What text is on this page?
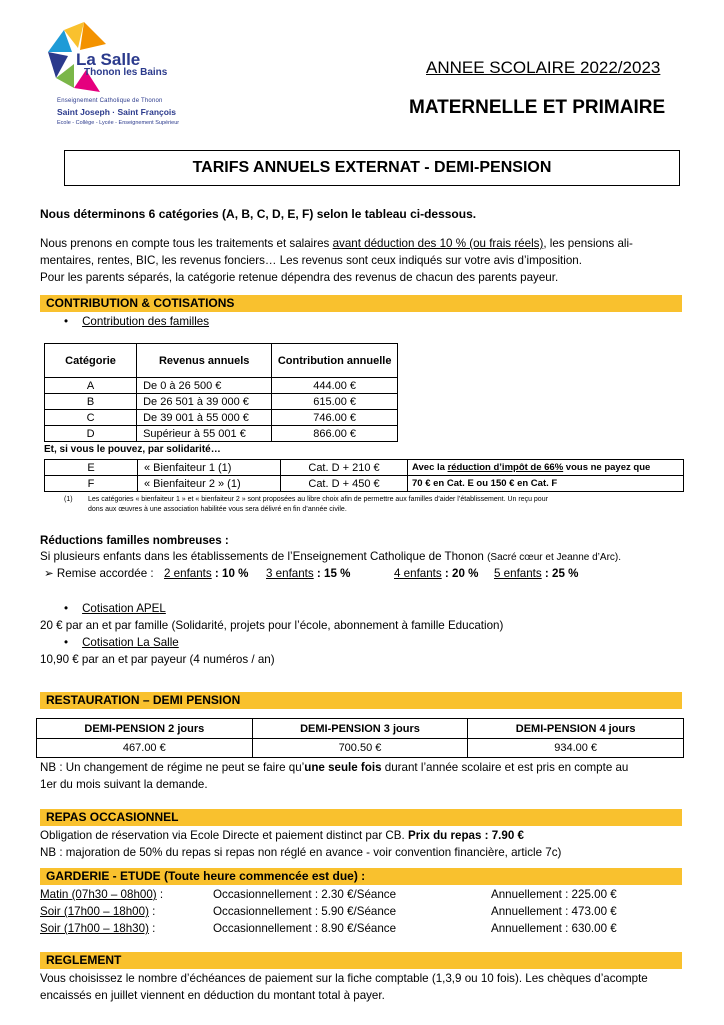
La Salle
Thonon les Bains
Enseignement Catholique de Thonon
Saint Joseph · Saint François
Ecole - Collège - Lycée - Enseignement Supérieur
ANNEE SCOLAIRE 2022/2023
MATERNELLE ET PRIMAIRE
TARIFS ANNUELS EXTERNAT - DEMI-PENSION
Nous déterminons 6 catégories (A, B, C, D, E, F) selon le tableau ci-dessous.
Nous prenons en compte tous les traitements et salaires avant déduction des 10 % (ou frais réels), les pensions ali-
mentaires, rentes, BIC, les revenus fonciers… Les revenus sont ceux indiqués sur votre avis d’imposition.
Pour les parents séparés, la catégorie retenue dépendra des revenus de chacun des parents payeur.
CONTRIBUTION & COTISATIONS
• Contribution des familles
Catégorie	Revenus annuels	Contribution annuelle
A	De 0 à 26 500 €	444.00 €
B	De 26 501 à 39 000 €	615.00 €
C	De 39 001 à 55 000 €	746.00 €
D	Supérieur à 55 001 €	866.00 €
Et, si vous le pouvez, par solidarité…
E	« Bienfaiteur 1 (1)	Cat. D + 210 €	Avec la réduction d’impôt de 66% vous ne payez que
F	« Bienfaiteur 2 » (1)	Cat. D + 450 €	70 € en Cat. E ou 150 € en Cat. F
(1) Les catégories « bienfaiteur 1 » et « bienfaiteur 2 » sont proposées au libre choix afin de permettre aux familles d’aider l’établissement. Un reçu pour
dons aux œuvres à une association habilitée vous sera délivré en fin d’année civile.
Réductions familles nombreuses :
Si plusieurs enfants dans les établissements de l’Enseignement Catholique de Thonon (Sacré cœur et Jeanne d’Arc).
➢ Remise accordée : 2 enfants : 10 % 3 enfants : 15 %	4 enfants : 20 % 5 enfants : 25 %
• Cotisation APEL
20 € par an et par famille (Solidarité, projets pour l’école, abonnement à famille Education)
• Cotisation La Salle
10,90 € par an et par payeur (4 numéros / an)
RESTAURATION – DEMI PENSION
DEMI-PENSION 2 jours	DEMI-PENSION 3 jours	DEMI-PENSION 4 jours
467.00 €	700.50 €	934.00 €
NB : Un changement de régime ne peut se faire qu’une seule fois durant l’année scolaire et est pris en compte au
1er du mois suivant la demande.
REPAS OCCASIONNEL
Obligation de réservation via Ecole Directe et paiement distinct par CB. Prix du repas : 7.90 €
NB : majoration de 50% du repas si repas non réglé en avance - voir convention financière, article 7c)
GARDERIE - ETUDE (Toute heure commencée est due) :
Matin (07h30 – 08h00) :	Occasionnellement : 2.30 €/Séance	Annuellement : 225.00 €
Soir (17h00 – 18h00) :	Occasionnellement : 5.90 €/Séance	Annuellement : 473.00 €
Soir (17h00 – 18h30) :	Occasionnellement : 8.90 €/Séance	Annuellement : 630.00 €
REGLEMENT
Vous choisissez le nombre d’échéances de paiement sur la fiche comptable (1,3,9 ou 10 fois). Les chèques d’acompte
encaissés en juillet viennent en déduction du montant total à payer.
